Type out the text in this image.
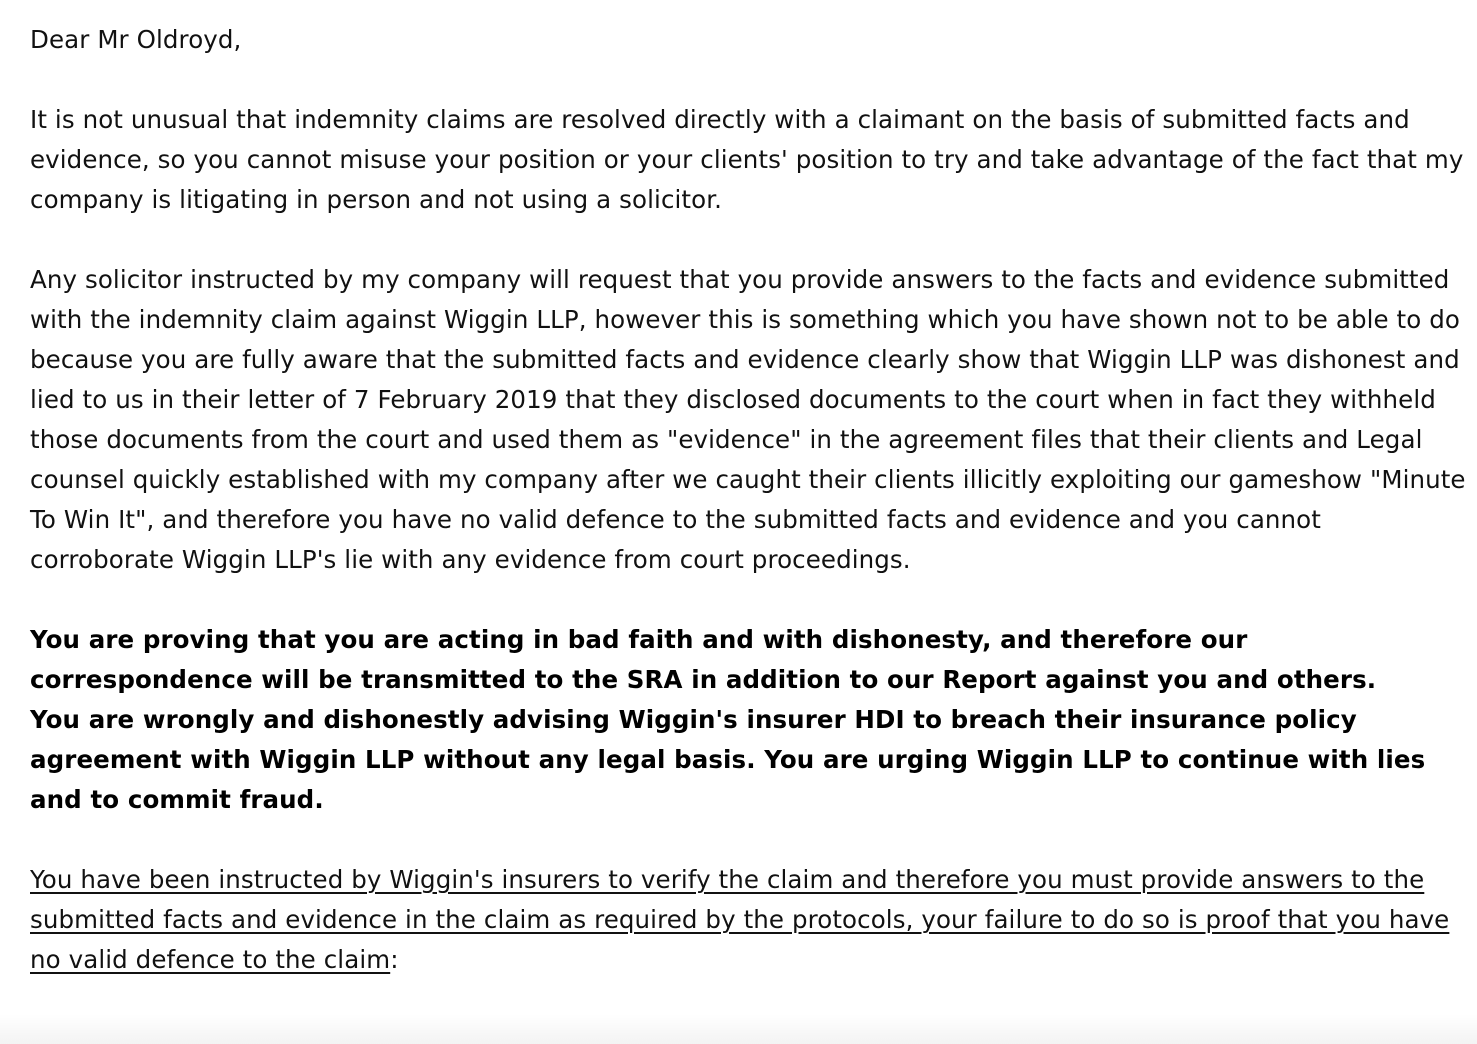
Dear Mr Oldroyd,

It is not unusual that indemnity claims are resolved directly with a claimant on the basis of submitted facts and evidence, so you cannot misuse your position or your clients' position to try and take advantage of the fact that my company is litigating in person and not using a solicitor.

Any solicitor instructed by my company will request that you provide answers to the facts and evidence submitted with the indemnity claim against Wiggin LLP, however this is something which you have shown not to be able to do because you are fully aware that the submitted facts and evidence clearly show that Wiggin LLP was dishonest and lied to us in their letter of 7 February 2019 that they disclosed documents to the court when in fact they withheld those documents from the court and used them as "evidence" in the agreement files that their clients and Legal counsel quickly established with my company after we caught their clients illicitly exploiting our gameshow "Minute To Win It", and therefore you have no valid defence to the submitted facts and evidence and you cannot corroborate Wiggin LLP's lie with any evidence from court proceedings.

You are proving that you are acting in bad faith and with dishonesty, and therefore our correspondence will be transmitted to the SRA in addition to our Report against you and others.

You are wrongly and dishonestly advising Wiggin's insurer HDI to breach their insurance policy agreement with Wiggin LLP without any legal basis. You are urging Wiggin LLP to continue with lies and to commit fraud.

You have been instructed by Wiggin's insurers to verify the claim and therefore you must provide answers to the submitted facts and evidence in the claim as required by the protocols, your failure to do so is proof that you have no valid defence to the claim:
